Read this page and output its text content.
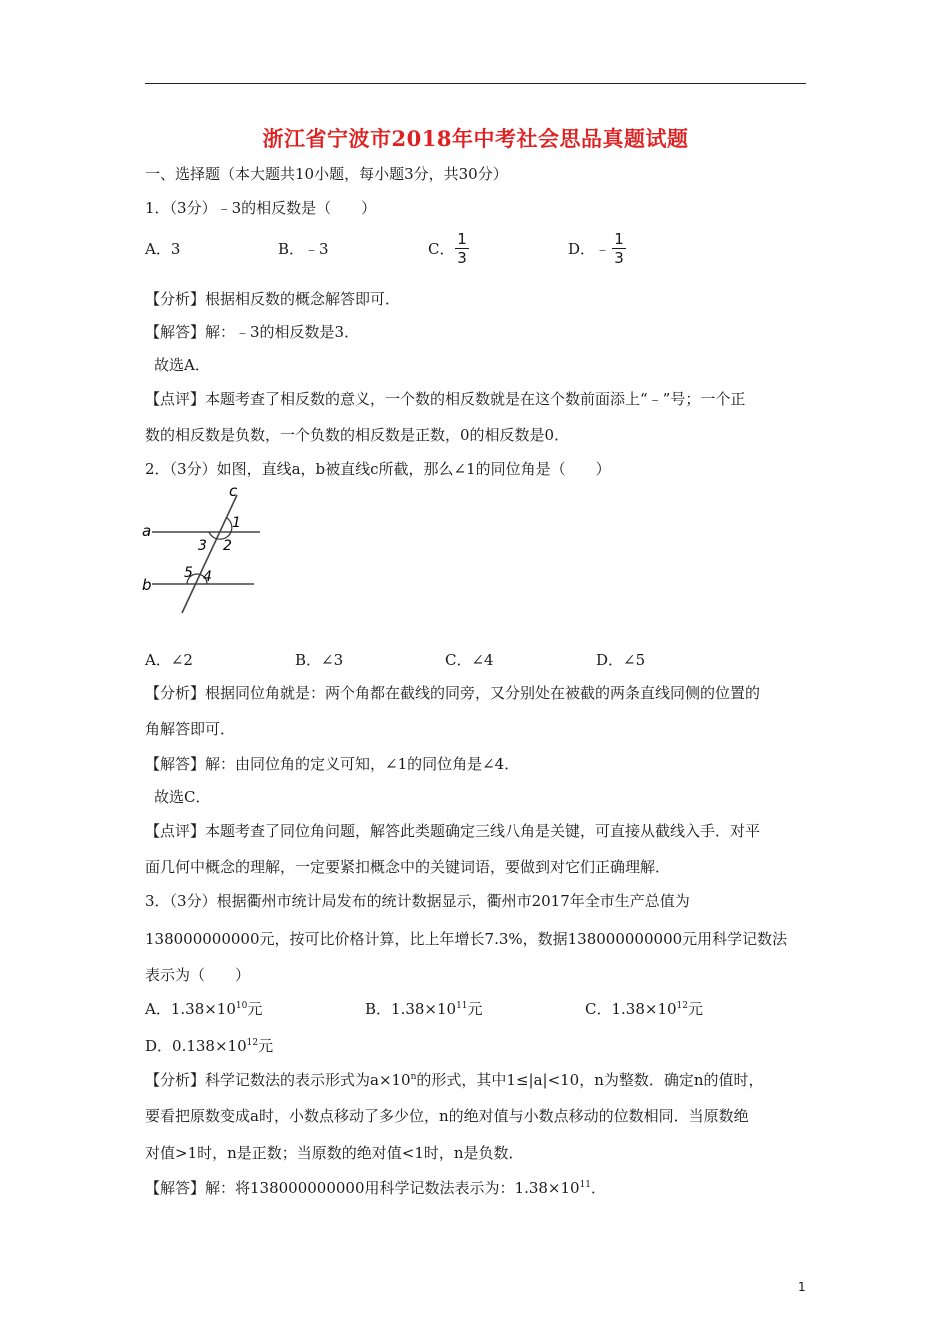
浙江省宁波市2018年中考社会思品真题试题
一、选择题（本大题共10小题，每小题3分，共30分）
1．（3分）﹣3的相反数是（　　）
A．3	B．﹣3	C．
1
3	D．﹣
1
3
【分析】根据相反数的概念解答即可．
【解答】解：﹣3的相反数是3．
故选A．
【点评】本题考查了相反数的意义，一个数的相反数就是在这个数前面添上“﹣”号；一个正
数的相反数是负数，一个负数的相反数是正数，0的相反数是0．
2．（3分）如图，直线a，b被直线c所截，那么∠1的同位角是（　　）
c
a
b
1
2
3
4
5
A．∠2	B．∠3	C．∠4	D．∠5
【分析】根据同位角就是：两个角都在截线的同旁，又分别处在被截的两条直线同侧的位置的
角解答即可．
【解答】解：由同位角的定义可知，∠1的同位角是∠4．
故选C．
【点评】本题考查了同位角问题，解答此类题确定三线八角是关键，可直接从截线入手．对平
面几何中概念的理解，一定要紧扣概念中的关键词语，要做到对它们正确理解．
3．（3分）根据衢州市统计局发布的统计数据显示，衢州市2017年全市生产总值为
138000000000元，按可比价格计算，比上年增长7.3%，数据138000000000元用科学记数法
表示为（　　）
A．$1.38\times 10^{10}$元	B．$1.38\times 10^{11}$元	C．$1.38\times 10^{12}$元
D．$0.138\times 10^{12}$元
【分析】科学记数法的表示形式为$a\times 10^n$的形式，其中1≤|a|<10，n为整数．确定n的值时，
要看把原数变成a时，小数点移动了多少位，n的绝对值与小数点移动的位数相同．当原数绝
对值>1时，n是正数；当原数的绝对值<1时，n是负数．
【解答】解：将138000000000用科学记数法表示为：$1.38\times 10^{11}$．
1
